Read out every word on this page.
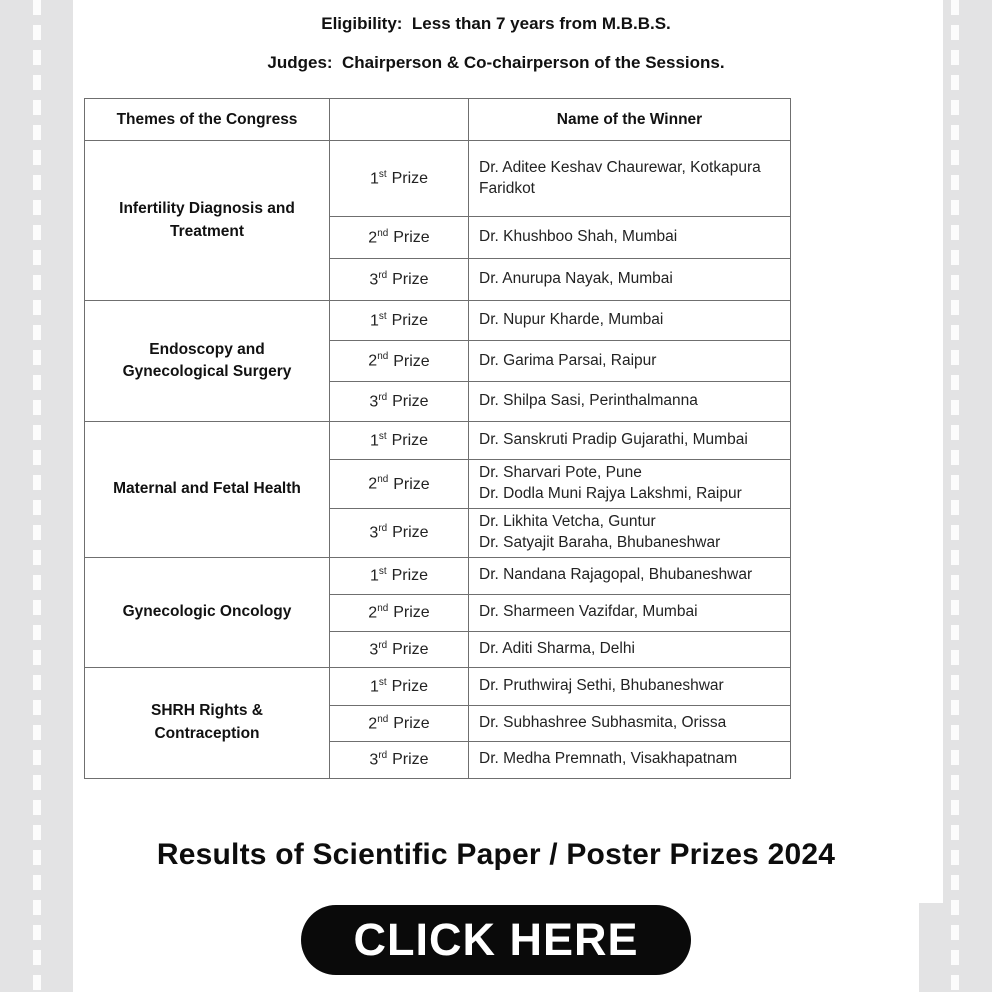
Eligibility:  Less than 7 years from M.B.B.S.

Judges:  Chairperson & Co-chairperson of the Sessions.

Themes of the Congress		Name of the Winner
Infertility Diagnosis and Treatment	1st Prize	Dr. Aditee Keshav Chaurewar, Kotkapura Faridkot

	2nd Prize	Dr. Khushboo Shah, Mumbai

	3rd Prize	Dr. Anurupa Nayak, Mumbai

Endoscopy and Gynecological Surgery	1st Prize	Dr. Nupur Kharde, Mumbai

	2nd Prize	Dr. Garima Parsai, Raipur

	3rd Prize	Dr. Shilpa Sasi, Perinthalmanna

Maternal and Fetal Health	1st Prize	Dr. Sanskruti Pradip Gujarathi, Mumbai

	2nd Prize	Dr. Sharvari Pote, Pune
Dr. Dodla Muni Rajya Lakshmi, Raipur

	3rd Prize	Dr. Likhita Vetcha, Guntur
Dr. Satyajit Baraha, Bhubaneshwar

Gynecologic Oncology	1st Prize	Dr. Nandana Rajagopal, Bhubaneshwar

	2nd Prize	Dr. Sharmeen Vazifdar, Mumbai

	3rd Prize	Dr. Aditi Sharma, Delhi

SHRH Rights & Contraception	1st Prize	Dr. Pruthwiraj Sethi, Bhubaneshwar

	2nd Prize	Dr. Subhashree Subhasmita, Orissa

	3rd Prize	Dr. Medha Premnath, Visakhapatnam
Results of Scientific Paper / Poster Prizes 2024
CLICK HERE
